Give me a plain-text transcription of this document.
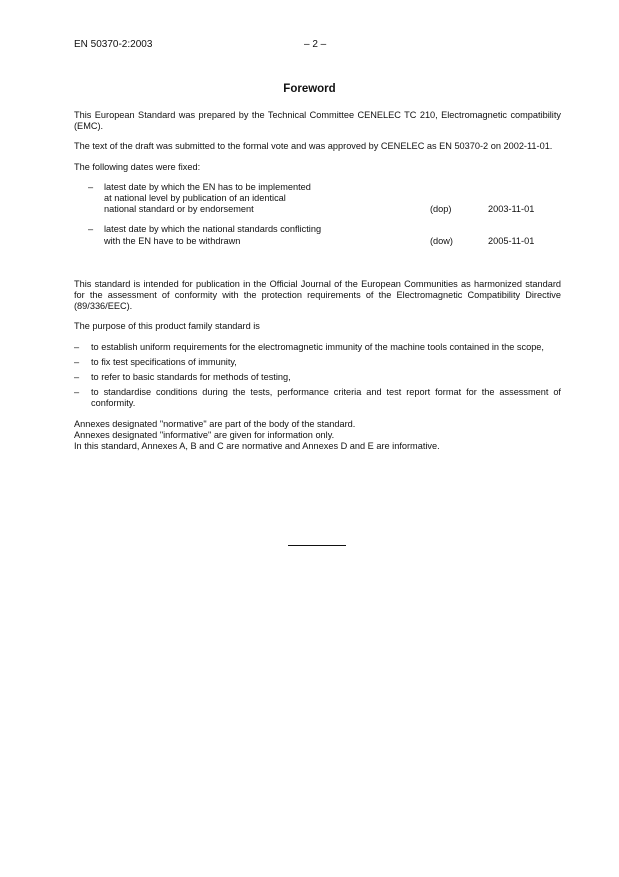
EN 50370-2:2003	– 2 –
Foreword

This European Standard was prepared by the Technical Committee CENELEC TC 210, Electromagnetic compatibility (EMC).

The text of the draft was submitted to the formal vote and was approved by CENELEC as EN 50370-2 on 2002-11-01.

The following dates were fixed:

–	latest date by which the EN has to be implemented
at national level by publication of an identical
national standard or by endorsement	(dop)	2003-11-01
–	latest date by which the national standards conflicting
with the EN have to be withdrawn	(dow)	2005-11-01

This standard is intended for publication in the Official Journal of the European Communities as harmonized standard for the assessment of conformity with the protection requirements of the Electromagnetic Compatibility Directive (89/336/EEC).

The purpose of this product family standard is

–	to establish uniform requirements for the electromagnetic immunity of the machine tools contained in the scope,
–	to fix test specifications of immunity,
–	to refer to basic standards for methods of testing,
–	to standardise conditions during the tests, performance criteria and test report format for the assessment of conformity.

Annexes designated "normative" are part of the body of the standard.

Annexes designated "informative" are given for information only.

In this standard, Annexes A, B and C are normative and Annexes D and E are informative.
